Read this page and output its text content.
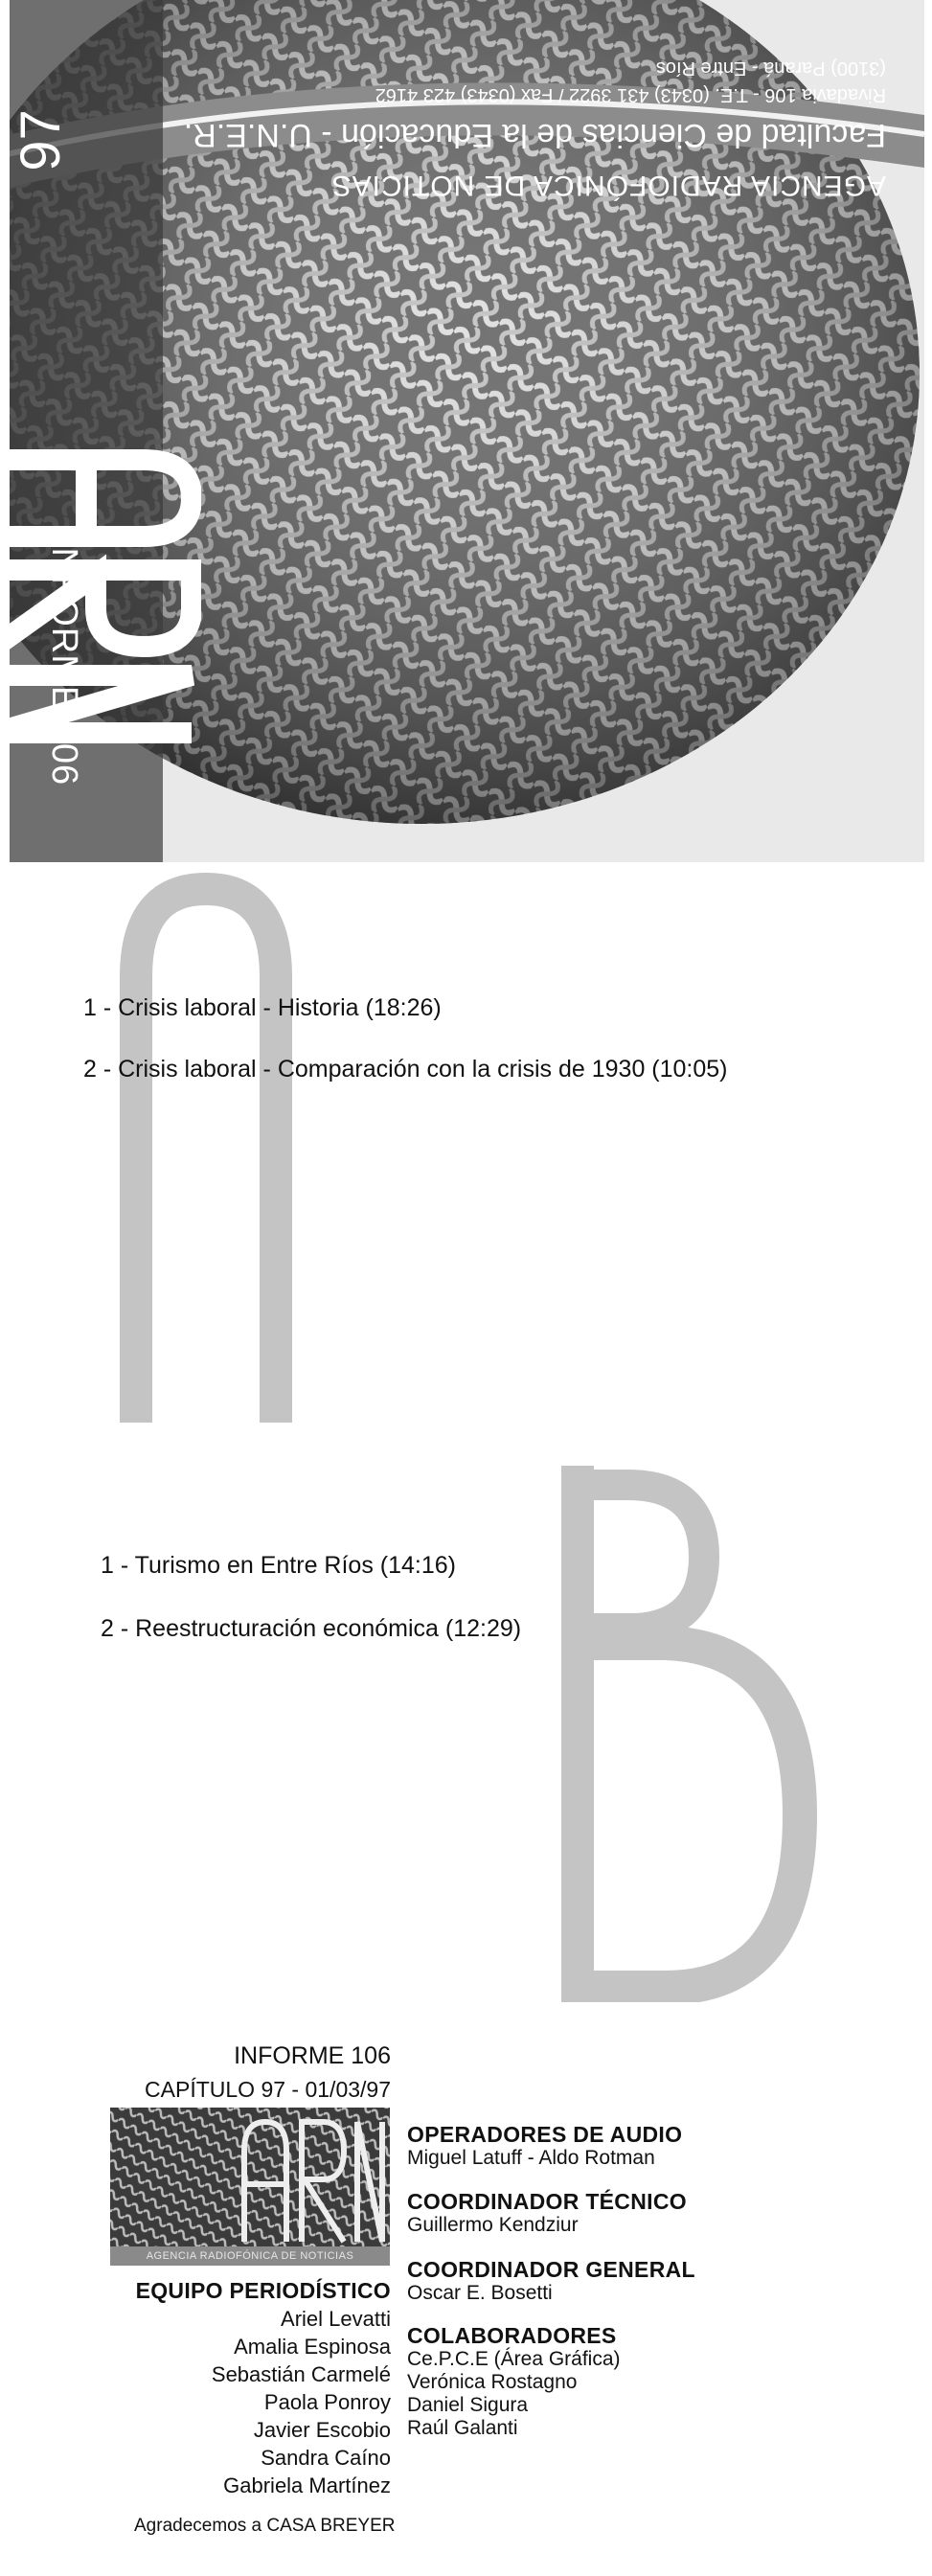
AGENCIA RADIOFÓNICA DE NOTICIAS
Facultad de Ciencias de la Educación - U.N.E.R.
Rivadavia 106 - T.E. (0343) 431 3922 / Fax (0343) 423 4162
(3100) Paraná - Entre Ríos
97
INFORME 106
1 - Crisis laboral - Historia (18:26)
2 - Crisis laboral - Comparación con la crisis de 1930 (10:05)
1 - Turismo en Entre Ríos (14:16)
2 - Reestructuración económica (12:29)
INFORME 106
CAPÍTULO 97 - 01/03/97
AGENCIA RADIOFÓNICA DE NOTICIAS
EQUIPO PERIODÍSTICO
Ariel Levatti
Amalia Espinosa
Sebastián Carmelé
Paola Ponroy
Javier Escobio
Sandra Caíno
Gabriela Martínez
Agradecemos a CASA BREYER
OPERADORES DE AUDIO
Miguel Latuff - Aldo Rotman
COORDINADOR TÉCNICO
Guillermo Kendziur
COORDINADOR GENERAL
Oscar E. Bosetti
COLABORADORES
Ce.P.C.E (Área Gráfica)
Verónica Rostagno
Daniel Sigura
Raúl Galanti
